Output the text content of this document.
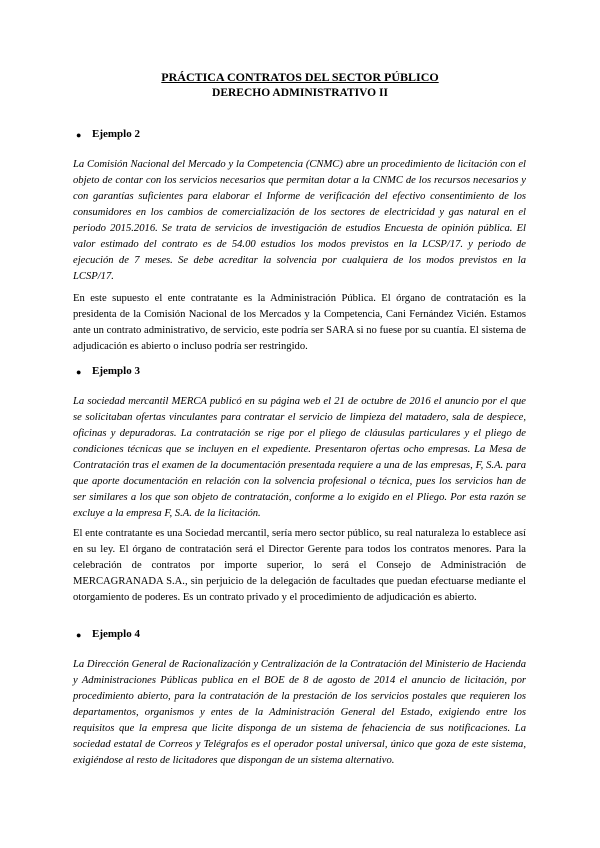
PRÁCTICA CONTRATOS DEL SECTOR PÚBLICO
DERECHO ADMINISTRATIVO II
● Ejemplo 2

La Comisión Nacional del Mercado y la Competencia (CNMC) abre un procedimiento de licitación con el objeto de contar con los servicios necesarios que permitan dotar a la CNMC de los recursos necesarios y con garantías suficientes para elaborar el Informe de verificación del efectivo consentimiento de los consumidores en los cambios de comercialización de los sectores de electricidad y gas natural en el periodo 2015.2016. Se trata de servicios de investigación de estudios Encuesta de opinión pública. El valor estimado del contrato es de 54.00 estudios los modos previstos en la LCSP/17. y periodo de ejecución de 7 meses. Se debe acreditar la solvencia por cualquiera de los modos previstos en la LCSP/17.

En este supuesto el ente contratante es la Administración Pública. El órgano de contratación es la presidenta de la Comisión Nacional de los Mercados y la Competencia, Cani Fernández Vicién. Estamos ante un contrato administrativo, de servicio, este podría ser SARA si no fuese por su cuantía. El sistema de adjudicación es abierto o incluso podría ser restringido.

● Ejemplo 3

La sociedad mercantil MERCA publicó en su página web el 21 de octubre de 2016 el anuncio por el que se solicitaban ofertas vinculantes para contratar el servicio de limpieza del matadero, sala de despiece, oficinas y depuradoras. La contratación se rige por el pliego de cláusulas particulares y el pliego de condiciones técnicas que se incluyen en el expediente. Presentaron ofertas ocho empresas. La Mesa de Contratación tras el examen de la documentación presentada requiere a una de las empresas, F, S.A. para que aporte documentación en relación con la solvencia profesional o técnica, pues los servicios han de ser similares a los que son objeto de contratación, conforme a lo exigido en el Pliego. Por esta razón se excluye a la empresa F, S.A. de la licitación.

El ente contratante es una Sociedad mercantil, sería mero sector público, su real naturaleza lo establece así en su ley. El órgano de contratación será el Director Gerente para todos los contratos menores. Para la celebración de contratos por importe superior, lo será el Consejo de Administración de MERCAGRANADA S.A., sin perjuicio de la delegación de facultades que puedan efectuarse mediante el otorgamiento de poderes. Es un contrato privado y el procedimiento de adjudicación es abierto.

● Ejemplo 4

La Dirección General de Racionalización y Centralización de la Contratación del Ministerio de Hacienda y Administraciones Públicas publica en el BOE de 8 de agosto de 2014 el anuncio de licitación, por procedimiento abierto, para la contratación de la prestación de los servicios postales que requieren los departamentos, organismos y entes de la Administración General del Estado, exigiendo entre los requisitos que la empresa que licite disponga de un sistema de fehaciencia de sus notificaciones. La sociedad estatal de Correos y Telégrafos es el operador postal universal, único que goza de este sistema, exigiéndose al resto de licitadores que dispongan de un sistema alternativo.
